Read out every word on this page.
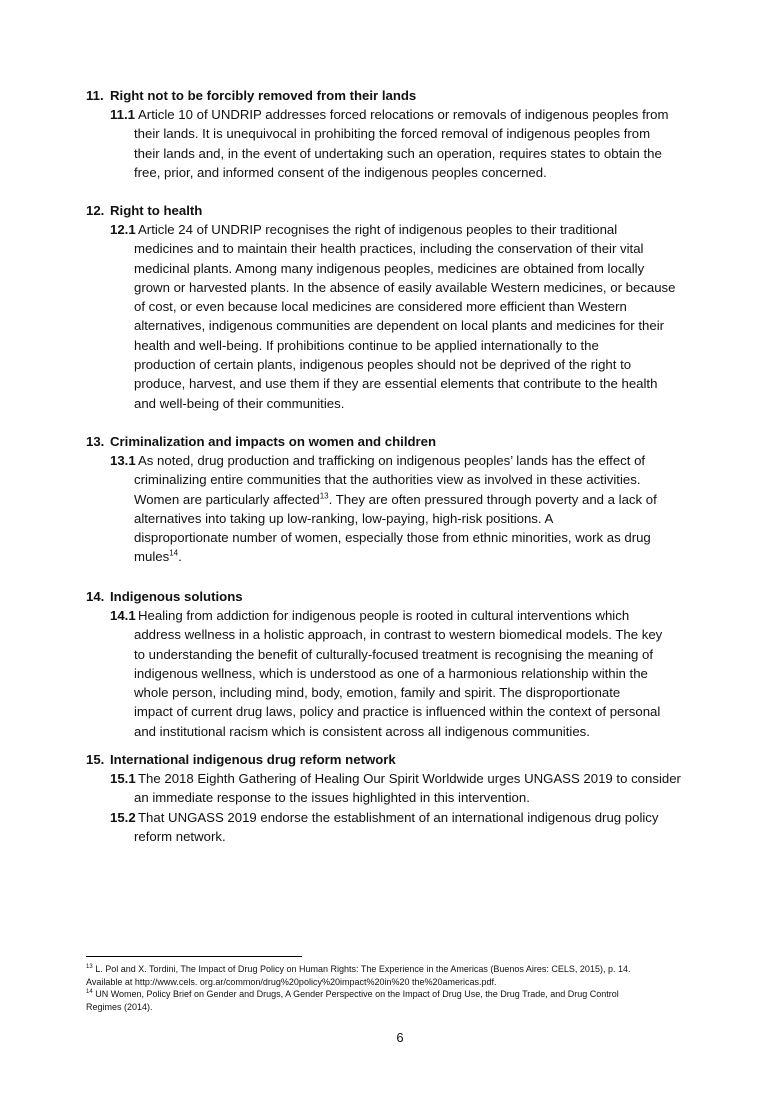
11. Right not to be forcibly removed from their lands

11.1 Article 10 of UNDRIP addresses forced relocations or removals of indigenous peoples from
their lands. It is unequivocal in prohibiting the forced removal of indigenous peoples from
their lands and, in the event of undertaking such an operation, requires states to obtain the
free, prior, and informed consent of the indigenous peoples concerned.

12. Right to health

12.1 Article 24 of UNDRIP recognises the right of indigenous peoples to their traditional
medicines and to maintain their health practices, including the conservation of their vital
medicinal plants. Among many indigenous peoples, medicines are obtained from locally
grown or harvested plants. In the absence of easily available Western medicines, or because
of cost, or even because local medicines are considered more efficient than Western
alternatives, indigenous communities are dependent on local plants and medicines for their
health and well-being. If prohibitions continue to be applied internationally to the
production of certain plants, indigenous peoples should not be deprived of the right to
produce, harvest, and use them if they are essential elements that contribute to the health
and well-being of their communities.

13. Criminalization and impacts on women and children

13.1 As noted, drug production and trafficking on indigenous peoples’ lands has the effect of
criminalizing entire communities that the authorities view as involved in these activities.
Women are particularly affected$^{13}$. They are often pressured through poverty and a lack of
alternatives into taking up low-ranking, low-paying, high-risk positions. A
disproportionate number of women, especially those from ethnic minorities, work as drug
mules$^{14}$.

14. Indigenous solutions

14.1 Healing from addiction for indigenous people is rooted in cultural interventions which
address wellness in a holistic approach, in contrast to western biomedical models. The key
to understanding the benefit of culturally-focused treatment is recognising the meaning of
indigenous wellness, which is understood as one of a harmonious relationship within the
whole person, including mind, body, emotion, family and spirit. The disproportionate
impact of current drug laws, policy and practice is influenced within the context of personal
and institutional racism which is consistent across all indigenous communities.

15. International indigenous drug reform network

15.1 The 2018 Eighth Gathering of Healing Our Spirit Worldwide urges UNGASS 2019 to consider
an immediate response to the issues highlighted in this intervention.
15.2 That UNGASS 2019 endorse the establishment of an international indigenous drug policy
reform network.
$^{13}$ L. Pol and X. Tordini, The Impact of Drug Policy on Human Rights: The Experience in the Americas (Buenos Aires: CELS, 2015), p. 14.
Available at http://www.cels. org.ar/common/drug%20policy%20impact%20in%20 the%20americas.pdf.
$^{14}$ UN Women, Policy Brief on Gender and Drugs, A Gender Perspective on the Impact of Drug Use, the Drug Trade, and Drug Control
Regimes (2014).
6
